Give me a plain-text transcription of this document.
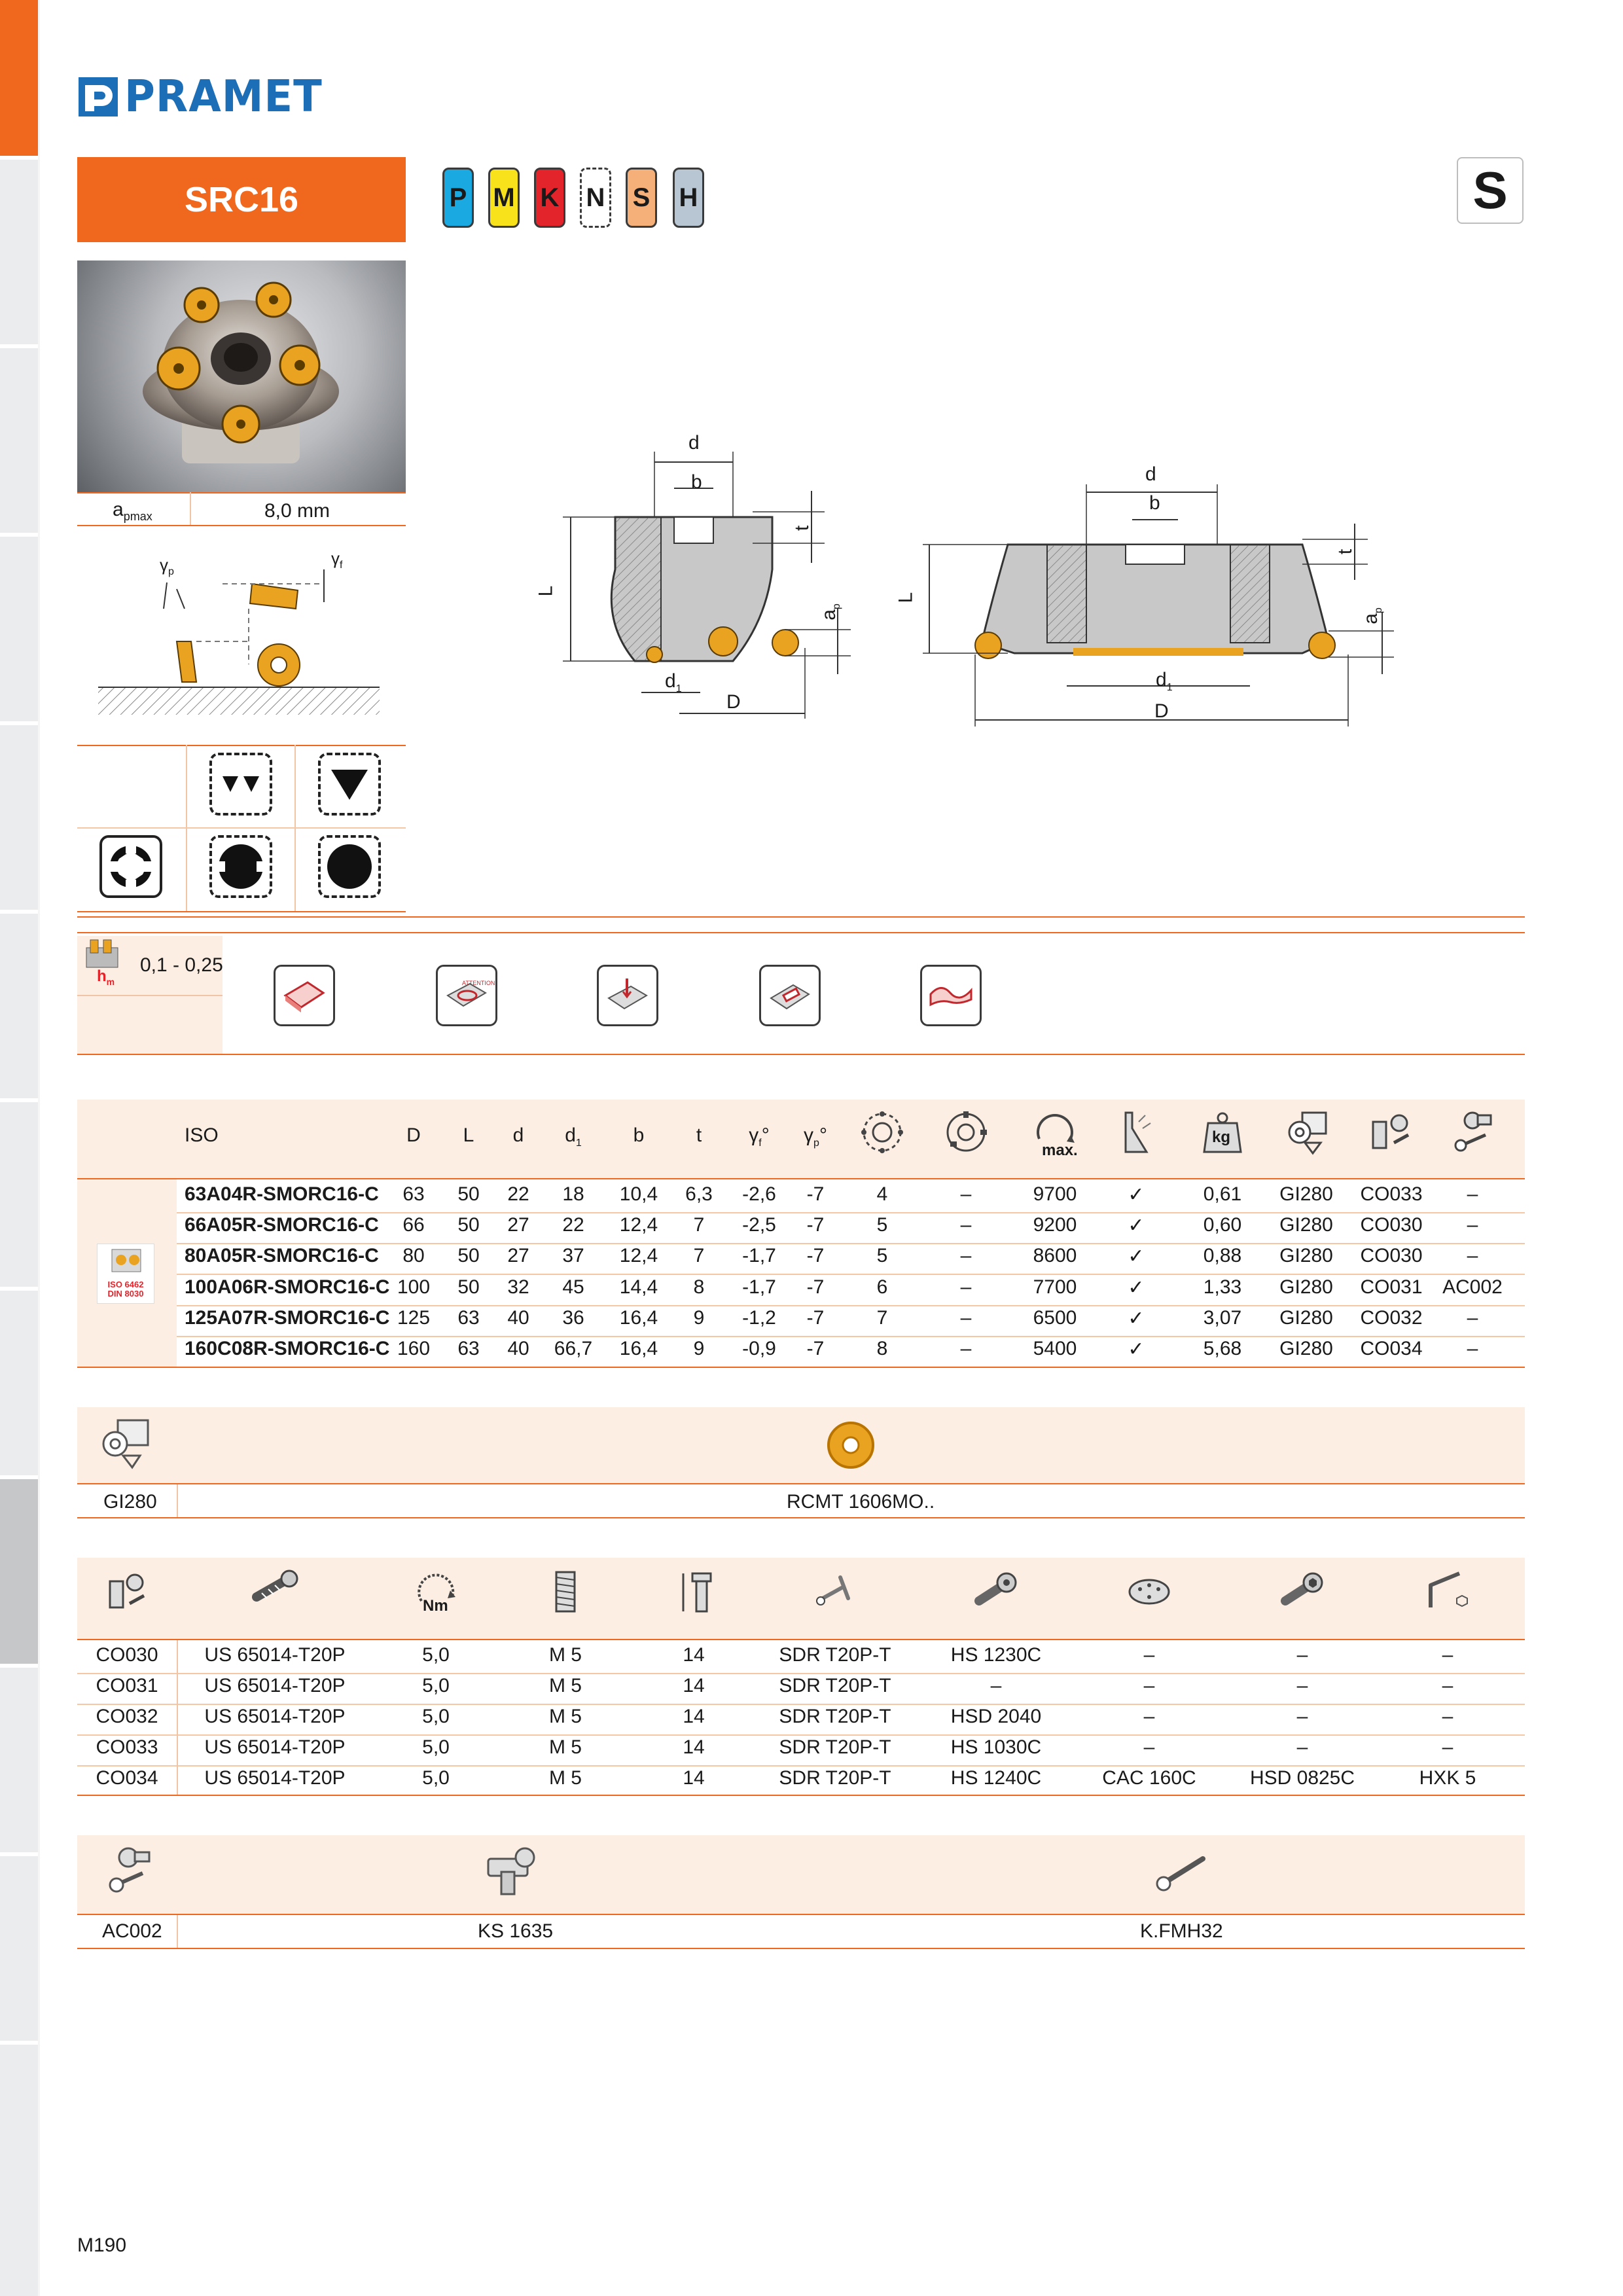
PRAMET
SRC16	P M K N S H	S
$a_{pmax}$	8,0 mm
$\gamma_p$
$\gamma_f$
$h_m$
0,1 - 0,25
ATTENTION
d
b
t
L
$a_p$
$d_1$
D
d
b
t
L
$a_p$
$d_1$
D
ISO 6462
DIN 8030
ISO	D	L	d	b	t
$d_1$	$\gamma_f^\circ$	$\gamma_p^\circ$
max.
kg
63A04R-SMORC16-C	63	50	22	18	10,4	6,3	-2,6	-7	4	–	9700	✓	0,61	GI280	CO033	–
66A05R-SMORC16-C	66	50	27	22	12,4	7	-2,5	-7	5	–	9200	✓	0,60	GI280	CO030	–
80A05R-SMORC16-C	80	50	27	37	12,4	7	-1,7	-7	5	–	8600	✓	0,88	GI280	CO030	–
100A06R-SMORC16-C 100	50	32	45	14,4	8	-1,7	-7	6	–	7700	✓	1,33	GI280	CO031	AC002
125A07R-SMORC16-C 125	63	40	36	16,4	9	-1,2	-7	7	–	6500	✓	3,07	GI280	CO032	–
160C08R-SMORC16-C 160	63	40	66,7	16,4	9	-0,9	-7	8	–	5400	✓	5,68	GI280	CO034	–
GI280	RCMT 1606MO..
Nm
CO030	US 65014-T20P	5,0	M 5	14	SDR T20P-T	HS 1230C	–	–	–
CO031	US 65014-T20P	5,0	M 5	14	SDR T20P-T	–	–	–	–
CO032	US 65014-T20P	5,0	M 5	14	SDR T20P-T	HSD 2040	–	–	–
CO033	US 65014-T20P	5,0	M 5	14	SDR T20P-T	HS 1030C	–	–	–
CO034	US 65014-T20P	5,0	M 5	14	SDR T20P-T	HS 1240C	CAC 160C	HSD 0825C	HXK 5
AC002	KS 1635	K.FMH32
M190
